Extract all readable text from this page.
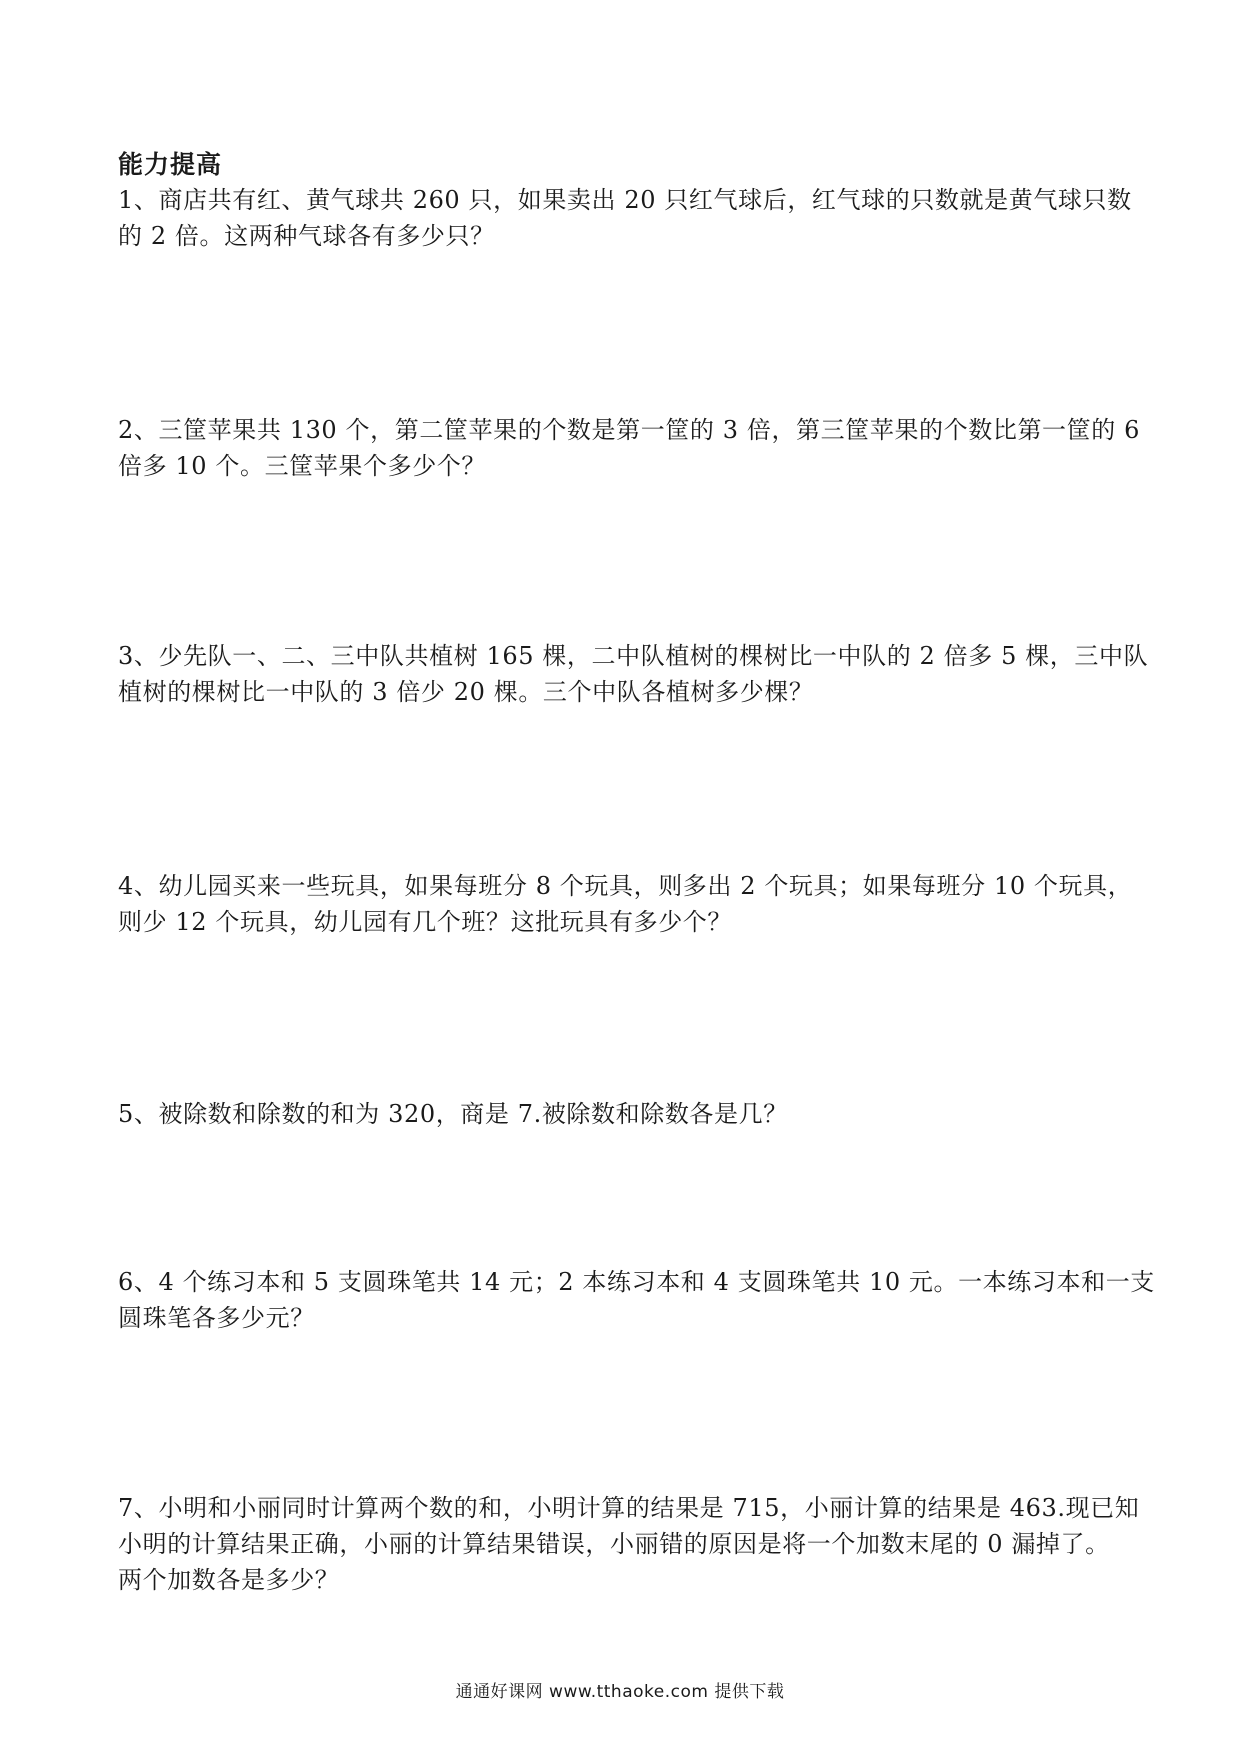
能力提高

1、商店共有红、黄气球共 260 只，如果卖出 20 只红气球后，红气球的只数就是黄气球只数

的 2 倍。这两种气球各有多少只？

2、三筐苹果共 130 个，第二筐苹果的个数是第一筐的 3 倍，第三筐苹果的个数比第一筐的 6

倍多 10 个。三筐苹果个多少个？

3、少先队一、二、三中队共植树 165 棵，二中队植树的棵树比一中队的 2 倍多 5 棵，三中队

植树的棵树比一中队的 3 倍少 20 棵。三个中队各植树多少棵？

4、幼儿园买来一些玩具，如果每班分 8 个玩具，则多出 2 个玩具；如果每班分 10 个玩具，

则少 12 个玩具，幼儿园有几个班？这批玩具有多少个？

5、被除数和除数的和为 320，商是 7.被除数和除数各是几？

6、4 个练习本和 5 支圆珠笔共 14 元；2 本练习本和 4 支圆珠笔共 10 元。一本练习本和一支

圆珠笔各多少元？

7、小明和小丽同时计算两个数的和，小明计算的结果是 715，小丽计算的结果是 463.现已知

小明的计算结果正确，小丽的计算结果错误，小丽错的原因是将一个加数末尾的 0 漏掉了。

两个加数各是多少？

通通好课网 www.tthaoke.com 提供下载
